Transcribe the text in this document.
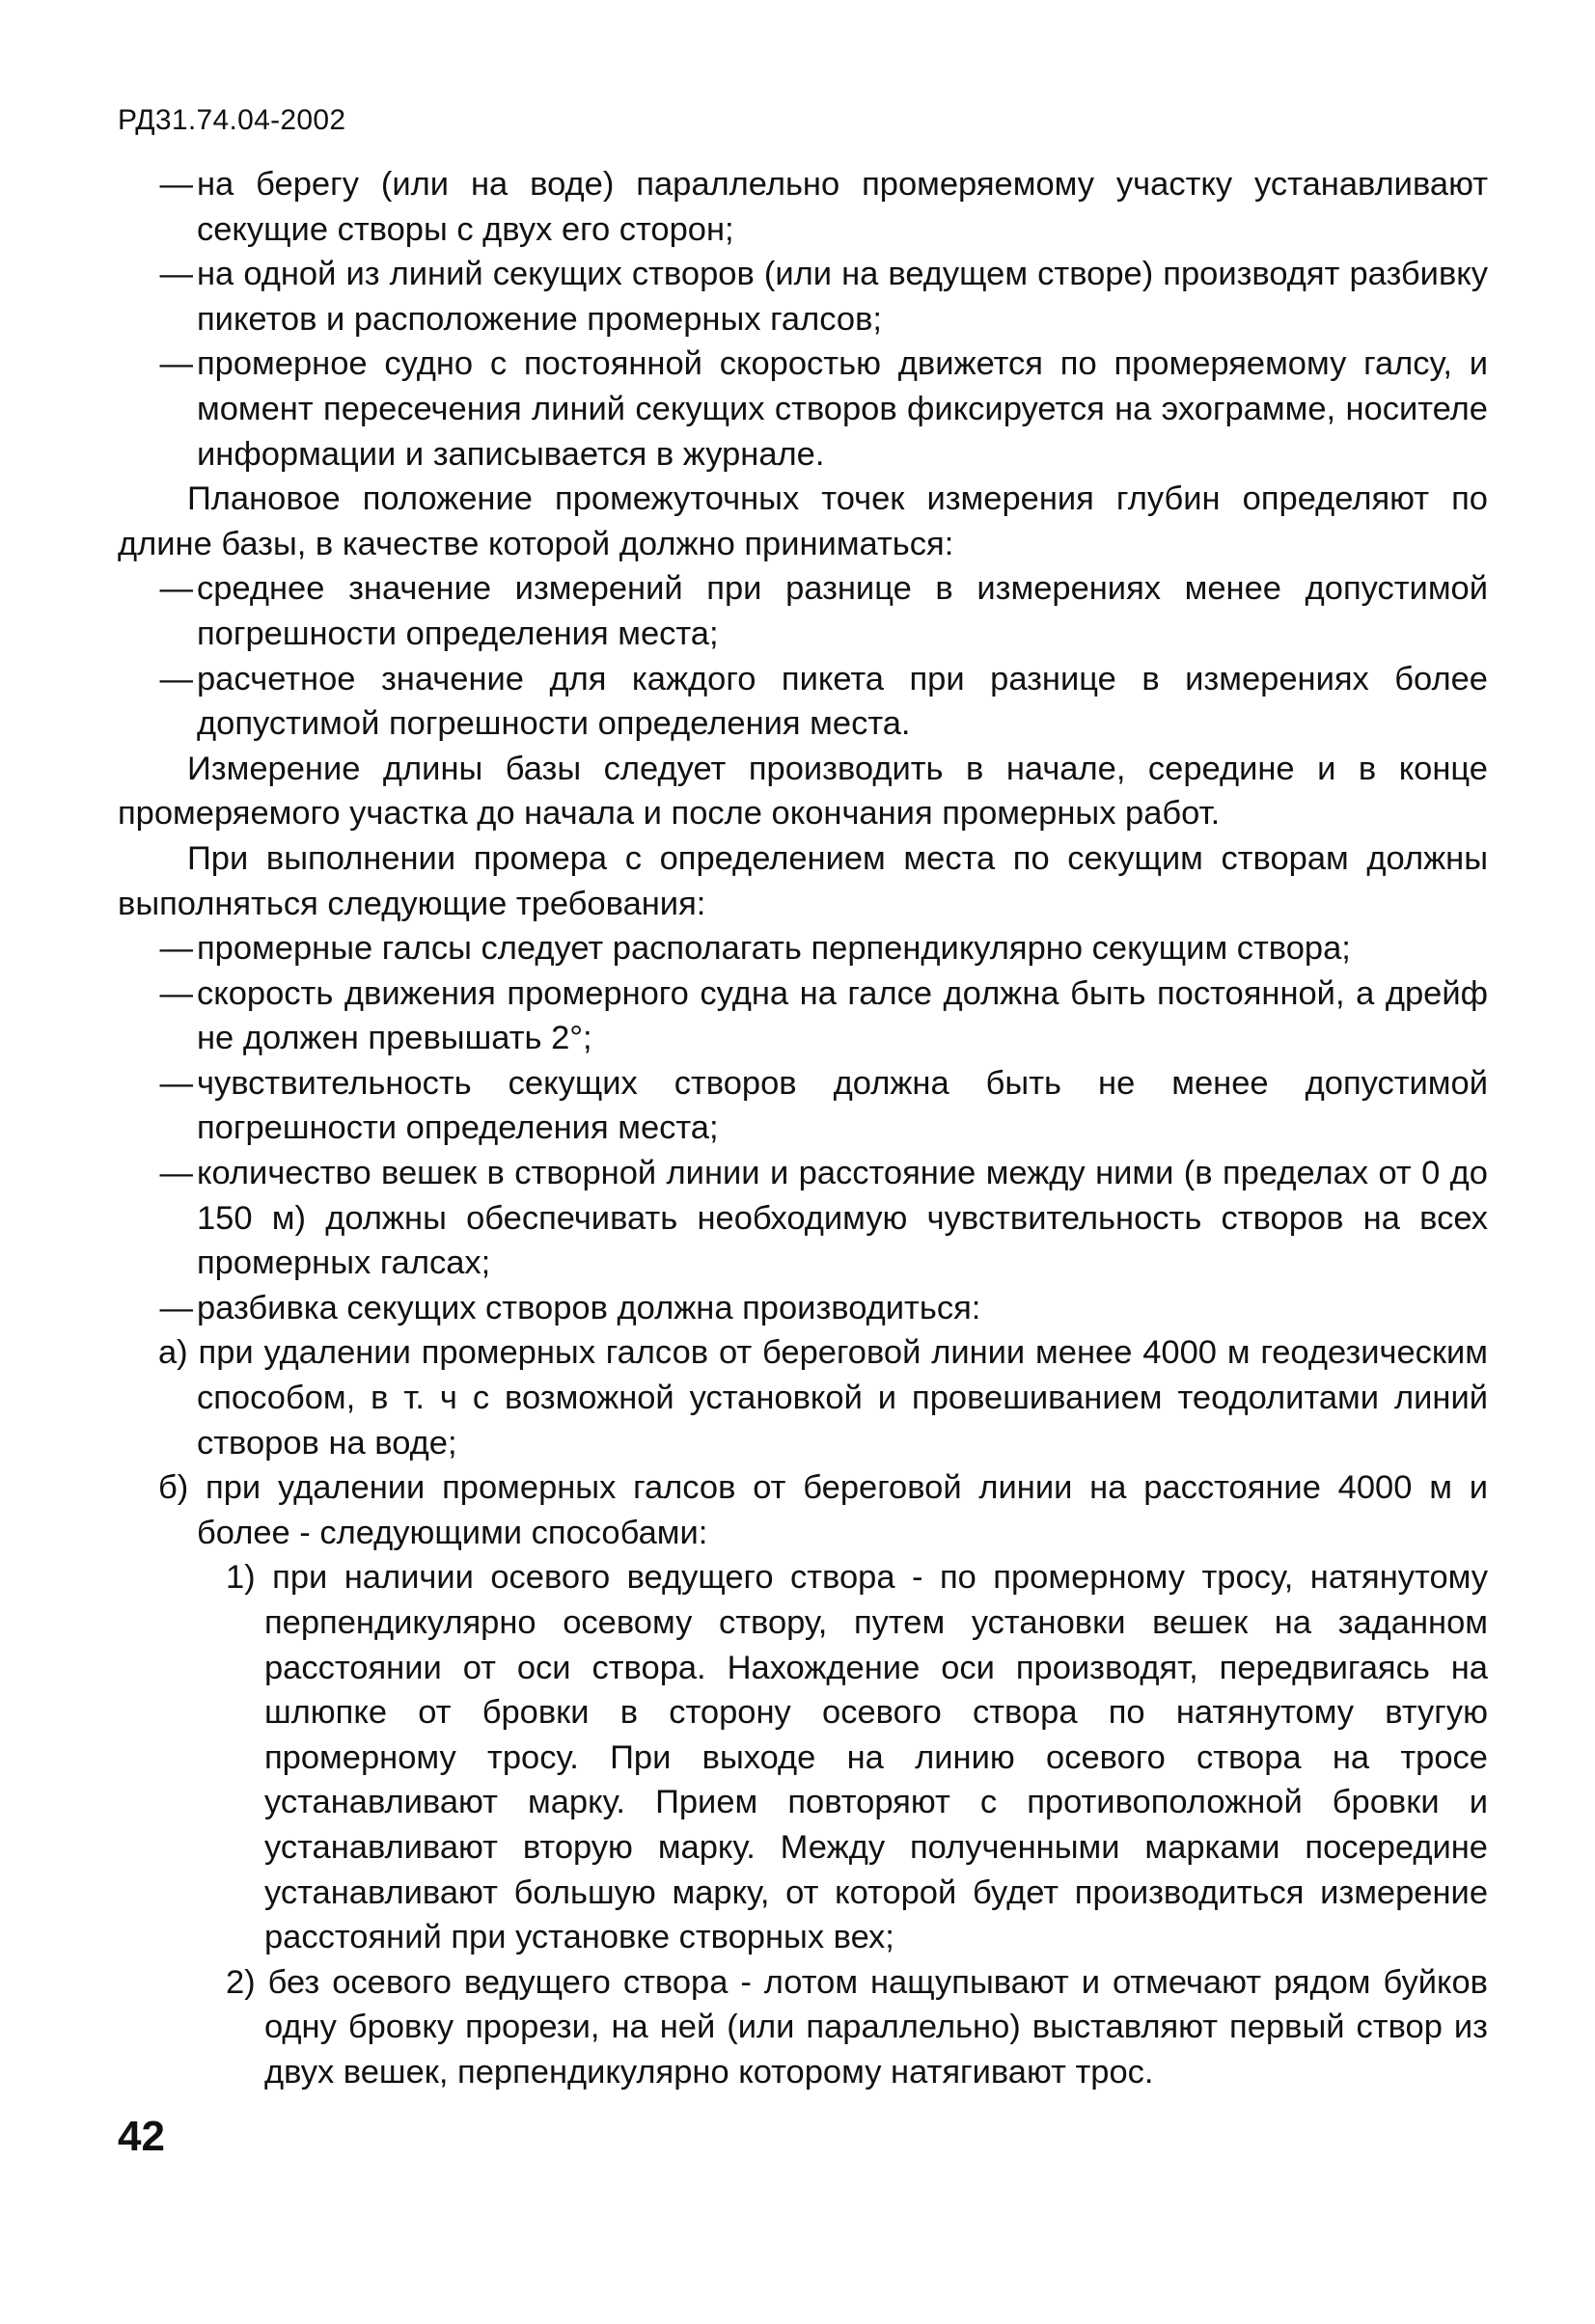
РД31.74.04-2002

— на берегу (или на воде) параллельно промеряемому участку устанавливают секущие створы с двух его сторон;

— на одной из линий секущих створов (или на ведущем створе) производят разбивку пикетов и расположение промерных галсов;

— промерное судно с постоянной скоростью движется по промеряемому галсу, и момент пересечения линий секущих створов фиксируется на эхограмме, носителе информации и записывается в журнале.

Плановое положение промежуточных точек измерения глубин определяют по длине базы, в качестве которой должно приниматься:

— среднее значение измерений при разнице в измерениях менее допустимой погрешности определения места;

— расчетное значение для каждого пикета при разнице в измерениях более допустимой погрешности определения места.

Измерение длины базы следует производить в начале, середине и в конце промеряемого участка до начала и после окончания промерных работ.

При выполнении промера с определением места по секущим створам должны выполняться следующие требования:

— промерные галсы следует располагать перпендикулярно секущим створа;

— скорость движения промерного судна на галсе должна быть постоянной, а дрейф не должен превышать 2°;

— чувствительность секущих створов должна быть не менее допустимой погрешности определения места;

— количество вешек в створной линии и расстояние между ними (в пределах от 0 до 150 м) должны обеспечивать необходимую чувствительность створов на всех промерных галсах;

— разбивка секущих створов должна производиться:

а) при удалении промерных галсов от береговой линии менее 4000 м геодезическим способом, в т. ч с возможной установкой и провешиванием теодолитами линий створов на воде;

б) при удалении промерных галсов от береговой линии на расстояние 4000 м и более - следующими способами:

1) при наличии осевого ведущего створа - по промерному тросу, натянутому перпендикулярно осевому створу, путем установки вешек на заданном расстоянии от оси створа. Нахождение оси производят, передвигаясь на шлюпке от бровки в сторону осевого створа по натянутому втугую промерному тросу. При выходе на линию осевого створа на тросе устанавливают марку. Прием повторяют с противоположной бровки и устанавливают вторую марку. Между полученными марками посередине устанавливают большую марку, от которой будет производиться измерение расстояний при установке створных вех;

2) без осевого ведущего створа - лотом нащупывают и отмечают рядом буйков одну бровку прорези, на ней (или параллельно) выставляют первый створ из двух вешек, перпендикулярно которому натягивают трос.

42
